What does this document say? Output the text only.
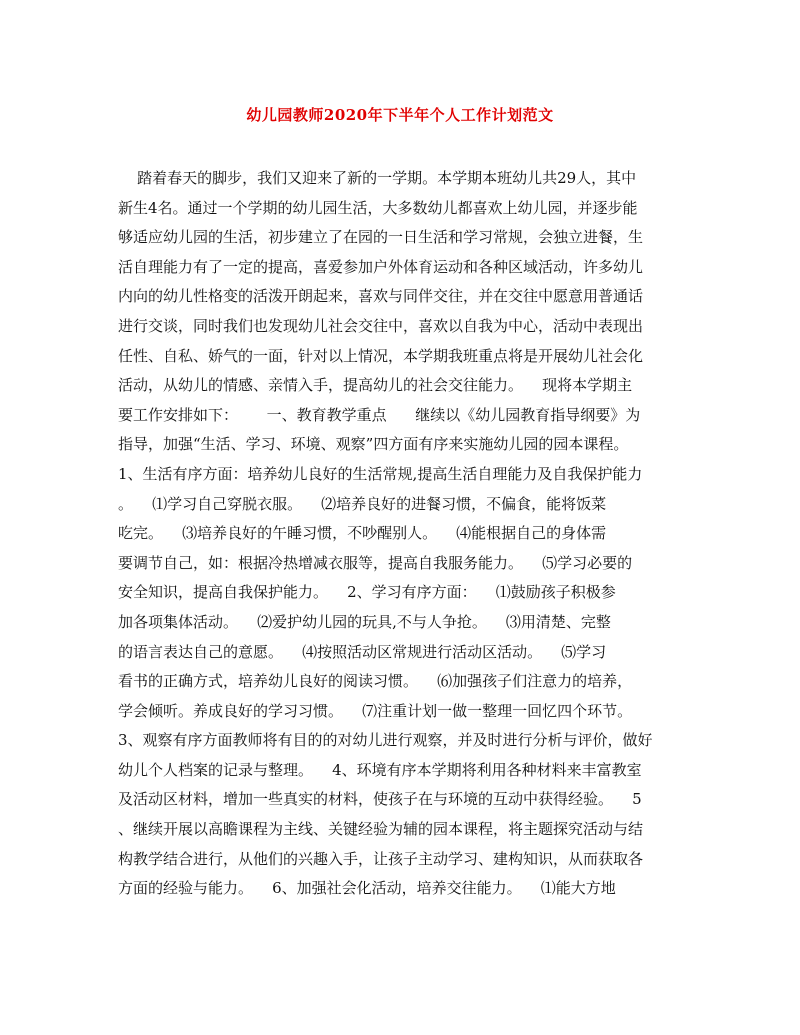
幼儿园教师2020年下半年个人工作计划范文
踏着春天的脚步，我们又迎来了新的一学期。本学期本班幼儿共29人，其中
新生4名。通过一个学期的幼儿园生活，大多数幼儿都喜欢上幼儿园，并逐步能
够适应幼儿园的生活，初步建立了在园的一日生活和学习常规，会独立进餐，生
活自理能力有了一定的提高，喜爱参加户外体育运动和各种区域活动，许多幼儿
内向的幼儿性格变的活泼开朗起来，喜欢与同伴交往，并在交往中愿意用普通话
进行交谈，同时我们也发现幼儿社会交往中，喜欢以自我为中心，活动中表现出
任性、自私、娇气的一面，针对以上情况，本学期我班重点将是开展幼儿社会化
活动，从幼儿的情感、亲情入手，提高幼儿的社会交往能力。    现将本学期主
要工作安排如下：      一、教育教学重点      继续以《幼儿园教育指导纲要》为
指导，加强“生活、学习、环境、观察”四方面有序来实施幼儿园的园本课程。
1、生活有序方面：培养幼儿良好的生活常规,提高生活自理能力及自我保护能力
。    ⑴学习自己穿脱衣服。    ⑵培养良好的进餐习惯，不偏食，能将饭菜
吃完。    ⑶培养良好的午睡习惯，不吵醒别人。    ⑷能根据自己的身体需
要调节自己，如：根据冷热增减衣服等，提高自我服务能力。    ⑸学习必要的
安全知识，提高自我保护能力。    2、学习有序方面：    ⑴鼓励孩子积极参
加各项集体活动。    ⑵爱护幼儿园的玩具,不与人争抢。    ⑶用清楚、完整
的语言表达自己的意愿。    ⑷按照活动区常规进行活动区活动。    ⑸学习
看书的正确方式，培养幼儿良好的阅读习惯。    ⑹加强孩子们注意力的培养，
学会倾听。养成良好的学习习惯。    ⑺注重计划一做一整理一回忆四个环节。
3、观察有序方面教师将有目的的对幼儿进行观察，并及时进行分析与评价，做好
幼儿个人档案的记录与整理。    4、环境有序本学期将利用各种材料来丰富教室
及活动区材料，增加一些真实的材料，使孩子在与环境的互动中获得经验。    5
、继续开展以高瞻课程为主线、关键经验为辅的园本课程，将主题探究活动与结
构教学结合进行，从他们的兴趣入手，让孩子主动学习、建构知识，从而获取各
方面的经验与能力。    6、加强社会化活动，培养交往能力。    ⑴能大方地
